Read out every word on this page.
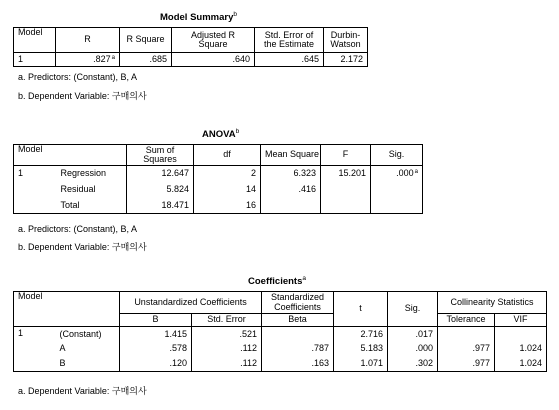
Model Summary$^b$
Model	R	R Square	Adjusted R Square	Std. Error of the Estimate	Durbin-Watson
1	.827$^a$	.685	.640	.645	2.172
a. Predictors: (Constant), B, A
b. Dependent Variable: 구매의사
ANOVA$^b$
Model		Sum of Squares	df	Mean Square	F	Sig.
1	Regression	12.647	2	6.323	15.201	.000$^a$
	Residual	5.824	14	.416		
	Total	18.471	16			
a. Predictors: (Constant), B, A
b. Dependent Variable: 구매의사
Coefficients$^a$
Model		Unstandardized Coefficients		Standardized Coefficients	t	Sig.	Collinearity Statistics	
		B	Std. Error	Beta			Tolerance	VIF
1	(Constant)	1.415	.521		2.716	.017		
	A	.578	.112	.787	5.183	.000	.977	1.024
	B	.120	.112	.163	1.071	.302	.977	1.024
a. Dependent Variable: 구매의사
